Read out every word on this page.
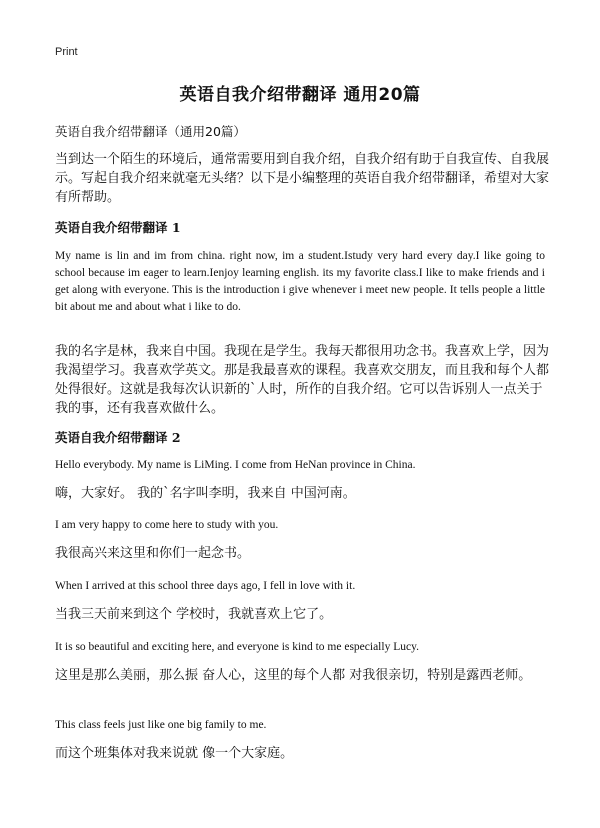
Print
英语自我介绍带翻译 通用20篇
英语自我介绍带翻译（通用20篇）
当到达一个陌生的环境后，通常需要用到自我介绍，自我介绍有助于自我宣传、自我展示。写起自我介绍来就毫无头绪？以下是小编整理的英语自我介绍带翻译，希望对大家有所帮助。
英语自我介绍带翻译 1
My name is lin and im from china. right now, im a student.Istudy very hard every day.I like going to school because im eager to learn.Ienjoy learning english. its my favorite class.I like to make friends and i get along with everyone. This is the introduction i give whenever i meet new people. It tells people a little bit about me and about what i like to do.
我的名字是林，我来自中国。我现在是学生。我每天都很用功念书。我喜欢上学，因为我渴望学习。我喜欢学英文。那是我最喜欢的课程。我喜欢交朋友，而且我和每个人都处得很好。这就是我每次认识新的`人时，所作的自我介绍。它可以告诉别人一点关于我的事，还有我喜欢做什么。
英语自我介绍带翻译 2
Hello everybody. My name is LiMing. I come from HeNan province in China.
嗨，大家好。 我的`名字叫李明，我来自 中国河南。
I am very happy to come here to study with you.
我很高兴来这里和你们一起念书。
When I arrived at this school three days ago, I fell in love with it.
当我三天前来到这个 学校时，我就喜欢上它了。
It is so beautiful and exciting here, and everyone is kind to me especially Lucy.
这里是那么美丽，那么振 奋人心，这里的每个人都 对我很亲切，特别是露西老师。
This class feels just like one big family to me.
而这个班集体对我来说就 像一个大家庭。
